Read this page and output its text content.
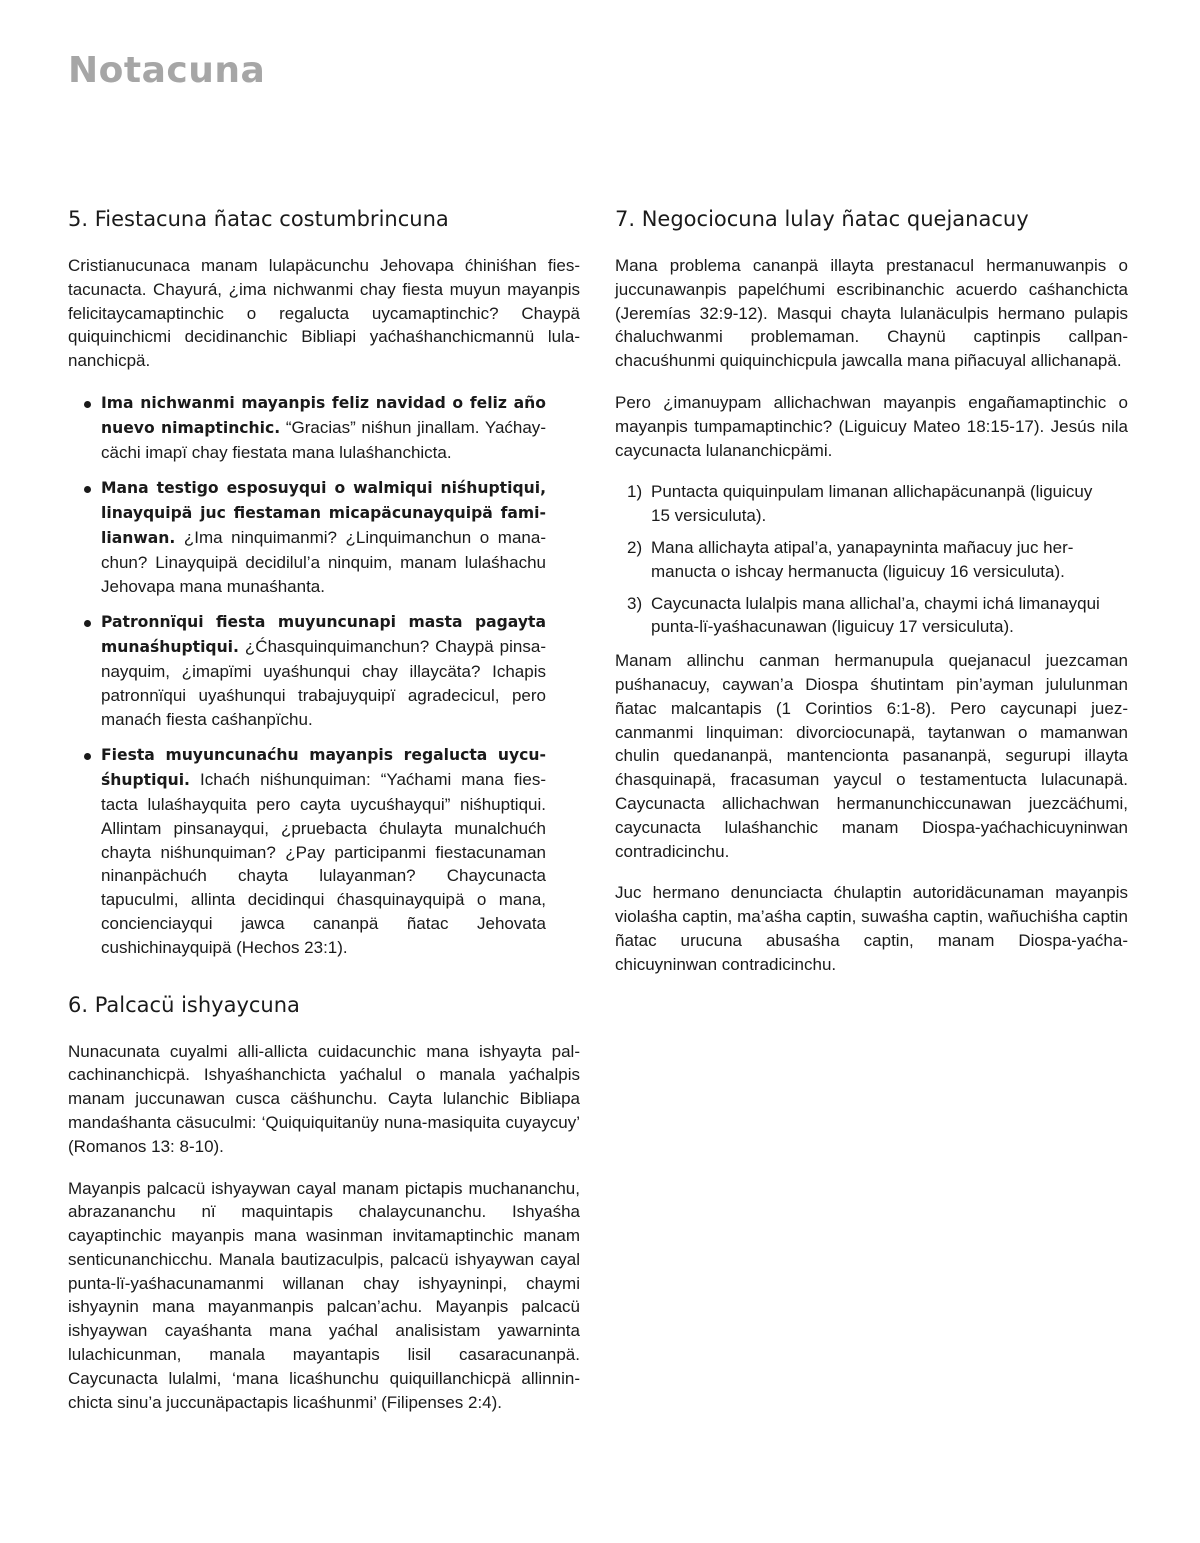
Notacuna
5. Fiestacuna ñatac costumbrincuna

Cristianucunaca manam lulapäcunchu Jehovapa ćhiniśhan fiestacunacta. Chayurá, ¿ima nichwanmi chay fiesta muyun mayanpis felicitaycamaptinchic o regalucta uycamaptinchic? Chaypä quiquinchicmi decidinanchic Bibliapi yaćhaśhanchicmannü lulananchicpä.

Ima nichwanmi mayanpis feliz navidad o feliz año nuevo nimaptinchic. “Gracias” niśhun jinallam. Yaćhaycächi imapï chay fiestata mana lulaśhanchicta.
Mana testigo esposuyqui o walmiqui niśhuptiqui, linayquipä juc fiestaman micapäcunayquipä familianwan. ¿Ima ninquimanmi? ¿Linquimanchun o manachun? Linayquipä decidilul’a ninquim, manam lulaśhachu Jehovapa mana munaśhanta.
Patronnïqui fiesta muyuncunapi masta pagayta munaśhuptiqui. ¿Ćhasquinquimanchun? Chaypä pinsanayquim, ¿imapïmi uyaśhunqui chay illaycäta? Ichapis patronnïqui uyaśhunqui trabajuyquipï agradecicul, pero manaćh fiesta caśhanpïchu.
Fiesta muyuncunaćhu mayanpis regalucta uycuśhuptiqui. Ichaćh niśhunquiman: “Yaćhami mana fiestacta lulaśhayquita pero cayta uycuśhayqui” niśhuptiqui. Allintam pinsanayqui, ¿pruebacta ćhulayta munalchućh chayta niśhunquiman? ¿Pay participanmi fiestacunaman ninanpächućh chayta lulayanman? Chaycunacta tapuculmi, allinta decidinqui ćhasquinayquipä o mana, concienciayqui jawca cananpä ñatac Jehovata cushichinayquipä (Hechos 23:1).
6. Palcacü ishyaycuna

Nunacunata cuyalmi alli-allicta cuidacunchic mana ishyayta palcachinanchicpä. Ishyaśhanchicta yaćhalul o manala yaćhalpis manam juccunawan cusca cäśhunchu. Cayta lulanchic Bibliapa mandaśhanta cäsuculmi: ‘Quiquiquitanüy nuna-masiquita cuyaycuy’ (Romanos 13: 8-10).

Mayanpis palcacü ishyaywan cayal manam pictapis muchananchu, abrazananchu nï maquintapis chalaycunanchu. Ishyaśha cayaptinchic mayanpis mana wasinman invitamaptinchic manam senticunanchicchu. Manala bautizaculpis, palcacü ishyaywan cayal punta-lï-yaśhacunamanmi willanan chay ishyayninpi, chaymi ishyaynin mana mayanmanpis palcan’achu. Mayanpis palcacü ishyaywan cayaśhanta mana yaćhal analisistam yawarninta lulachicunman, manala mayantapis lisil casaracunanpä. Caycunacta lulalmi, ‘mana licaśhunchu quiquillanchicpä allinninchicta sinu’a juccunäpactapis licaśhunmi’ (Filipenses 2:4).

7. Negociocuna lulay ñatac quejanacuy

Mana problema cananpä illayta prestanacul hermanuwanpis o juccunawanpis papelćhumi escribinanchic acuerdo caśhanchicta (Jeremías 32:9-12). Masqui chayta lulanäculpis hermano pulapis ćhaluchwanmi problemaman. Chaynü captinpis callpanchacuśhunmi quiquinchicpula jawcalla mana piñacuyal allichanapä.

Pero ¿imanuypam allichachwan mayanpis engañamaptinchic o mayanpis tumpamaptinchic? (Liguicuy Mateo 18:15-17). Jesús nila caycunacta lulananchicpämi.

1) Puntacta quiquinpulam limanan allichapäcunanpä (liguicuy 15 versiculuta).
2) Mana allichayta atipal’a, yanapayninta mañacuy juc hermanucta o ishcay hermanucta (liguicuy 16 versiculuta).
3) Caycunacta lulalpis mana allichal’a, chaymi ichá limanayqui punta-lï-yaśhacunawan (liguicuy 17 versiculuta).

Manam allinchu canman hermanupula quejanacul juezcaman puśhanacuy, caywan’a Diospa śhutintam pin’ayman jululunman ñatac malcantapis (1 Corintios 6:1-8). Pero caycunapi juezcanmanmi linquiman: divorciocunapä, taytanwan o mamanwan chulin quedananpä, mantencionta pasananpä, segurupi illayta ćhasquinapä, fracasuman yaycul o testamentucta lulacunapä. Caycunacta allichachwan hermanunchiccunawan juezcäćhumi, caycunacta lulaśhanchic manam Diospa-yaćhachicuyninwan contradicinchu.

Juc hermano denunciacta ćhulaptin autoridäcunaman mayanpis violaśha captin, ma’aśha captin, suwaśha captin, wañuchiśha captin ñatac urucuna abusaśha captin, manam Diospa-yaćhachicuyninwan contradicinchu.
